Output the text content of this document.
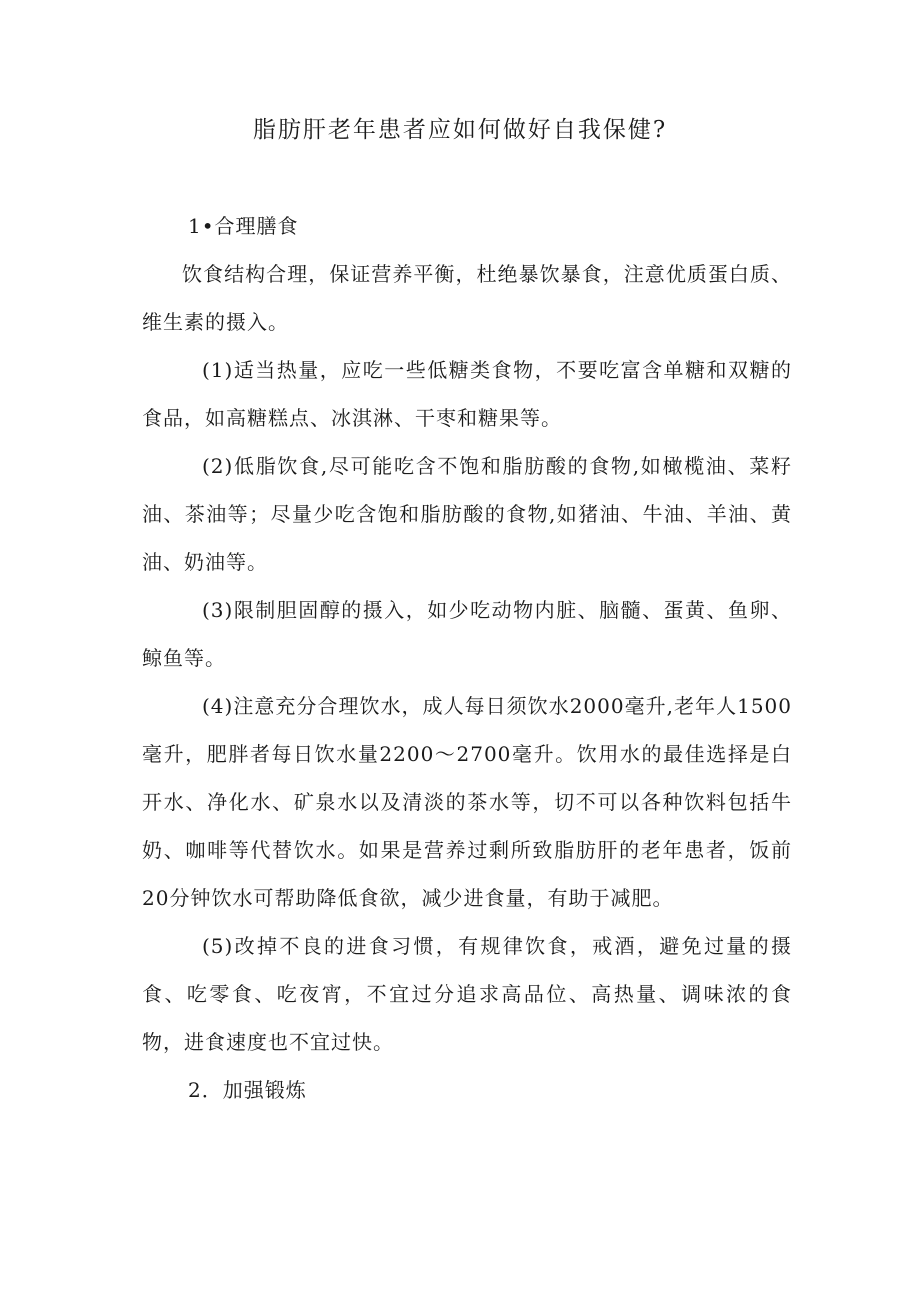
脂肪肝老年患者应如何做好自我保健?

1•合理膳食

饮食结构合理，保证营养平衡，杜绝暴饮暴食，注意优质蛋白质、维生素的摄入。

(1)适当热量，应吃一些低糖类食物，不要吃富含单糖和双糖的食品，如高糖糕点、冰淇淋、干枣和糖果等。

(2)低脂饮食,尽可能吃含不饱和脂肪酸的食物,如橄榄油、菜籽油、茶油等；尽量少吃含饱和脂肪酸的食物,如猪油、牛油、羊油、黄油、奶油等。

(3)限制胆固醇的摄入，如少吃动物内脏、脑髓、蛋黄、鱼卵、鲸鱼等。

(4)注意充分合理饮水，成人每日须饮水2000毫升,老年人1500毫升，肥胖者每日饮水量2200～2700毫升。饮用水的最佳选择是白开水、净化水、矿泉水以及清淡的茶水等，切不可以各种饮料包括牛奶、咖啡等代替饮水。如果是营养过剩所致脂肪肝的老年患者，饭前20分钟饮水可帮助降低食欲，减少进食量，有助于减肥。

(5)改掉不良的进食习惯，有规律饮食，戒酒，避免过量的摄食、吃零食、吃夜宵，不宜过分追求高品位、高热量、调味浓的食物，进食速度也不宜过快。

2．加强锻炼
